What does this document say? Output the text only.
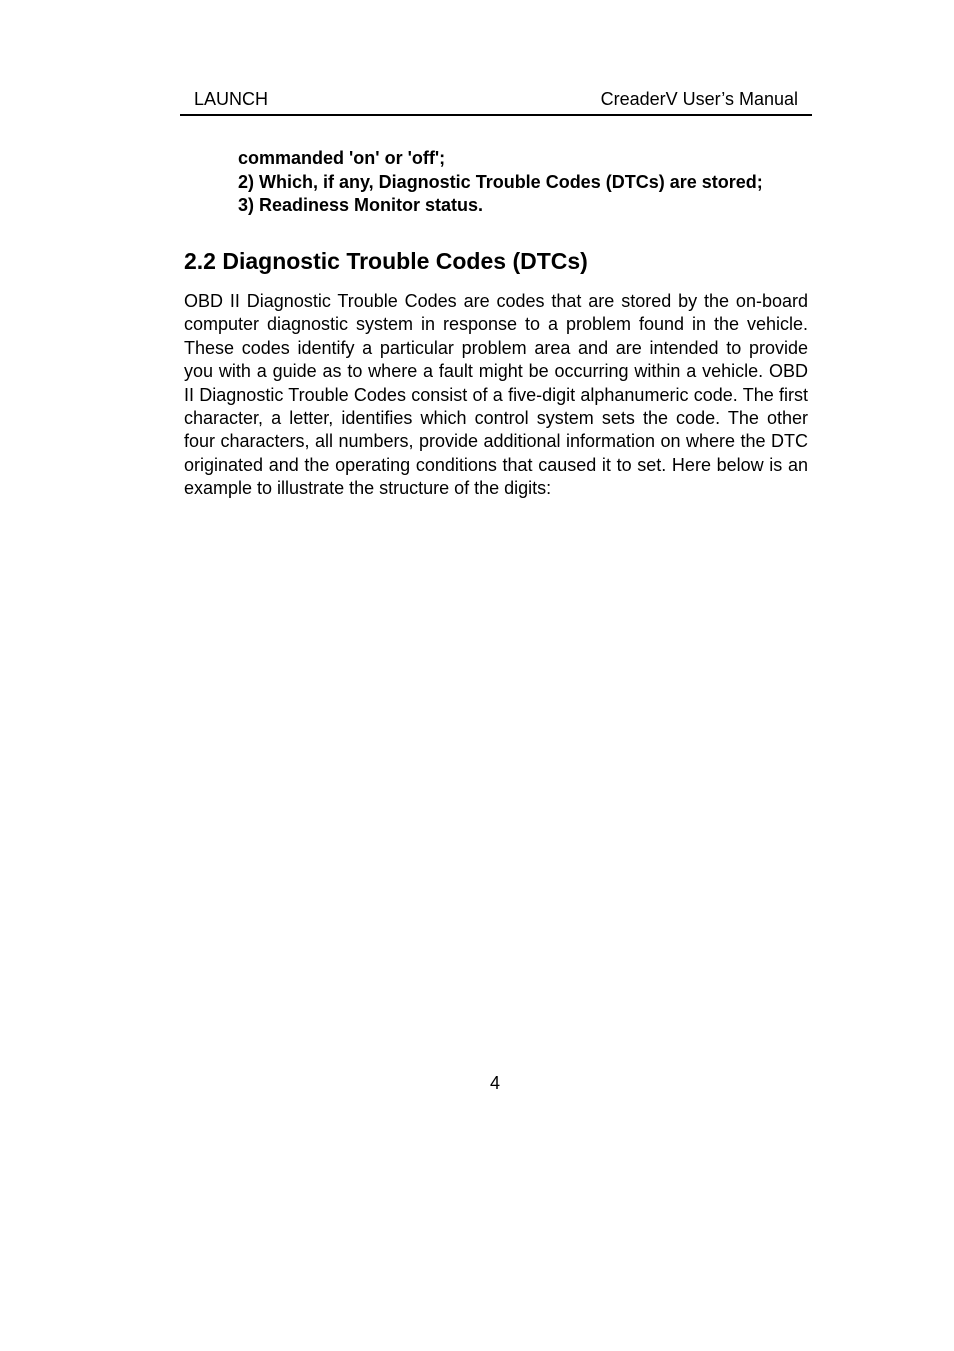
LAUNCH	CreaderV User’s Manual
commanded 'on' or 'off';
2) Which, if any, Diagnostic Trouble Codes (DTCs) are stored;
3) Readiness Monitor status.
2.2 Diagnostic Trouble Codes (DTCs)
OBD II Diagnostic Trouble Codes are codes that are stored by the on-board computer diagnostic system in response to a problem found in the vehicle. These codes identify a particular problem area and are intended to provide you with a guide as to where a fault might be occurring within a vehicle. OBD II Diagnostic Trouble Codes consist of a five-digit alphanumeric code. The first character, a letter, identifies which control system sets the code. The other four characters, all numbers, provide additional information on where the DTC originated and the operating conditions that caused it to set. Here below is an example to illustrate the structure of the digits:
4
